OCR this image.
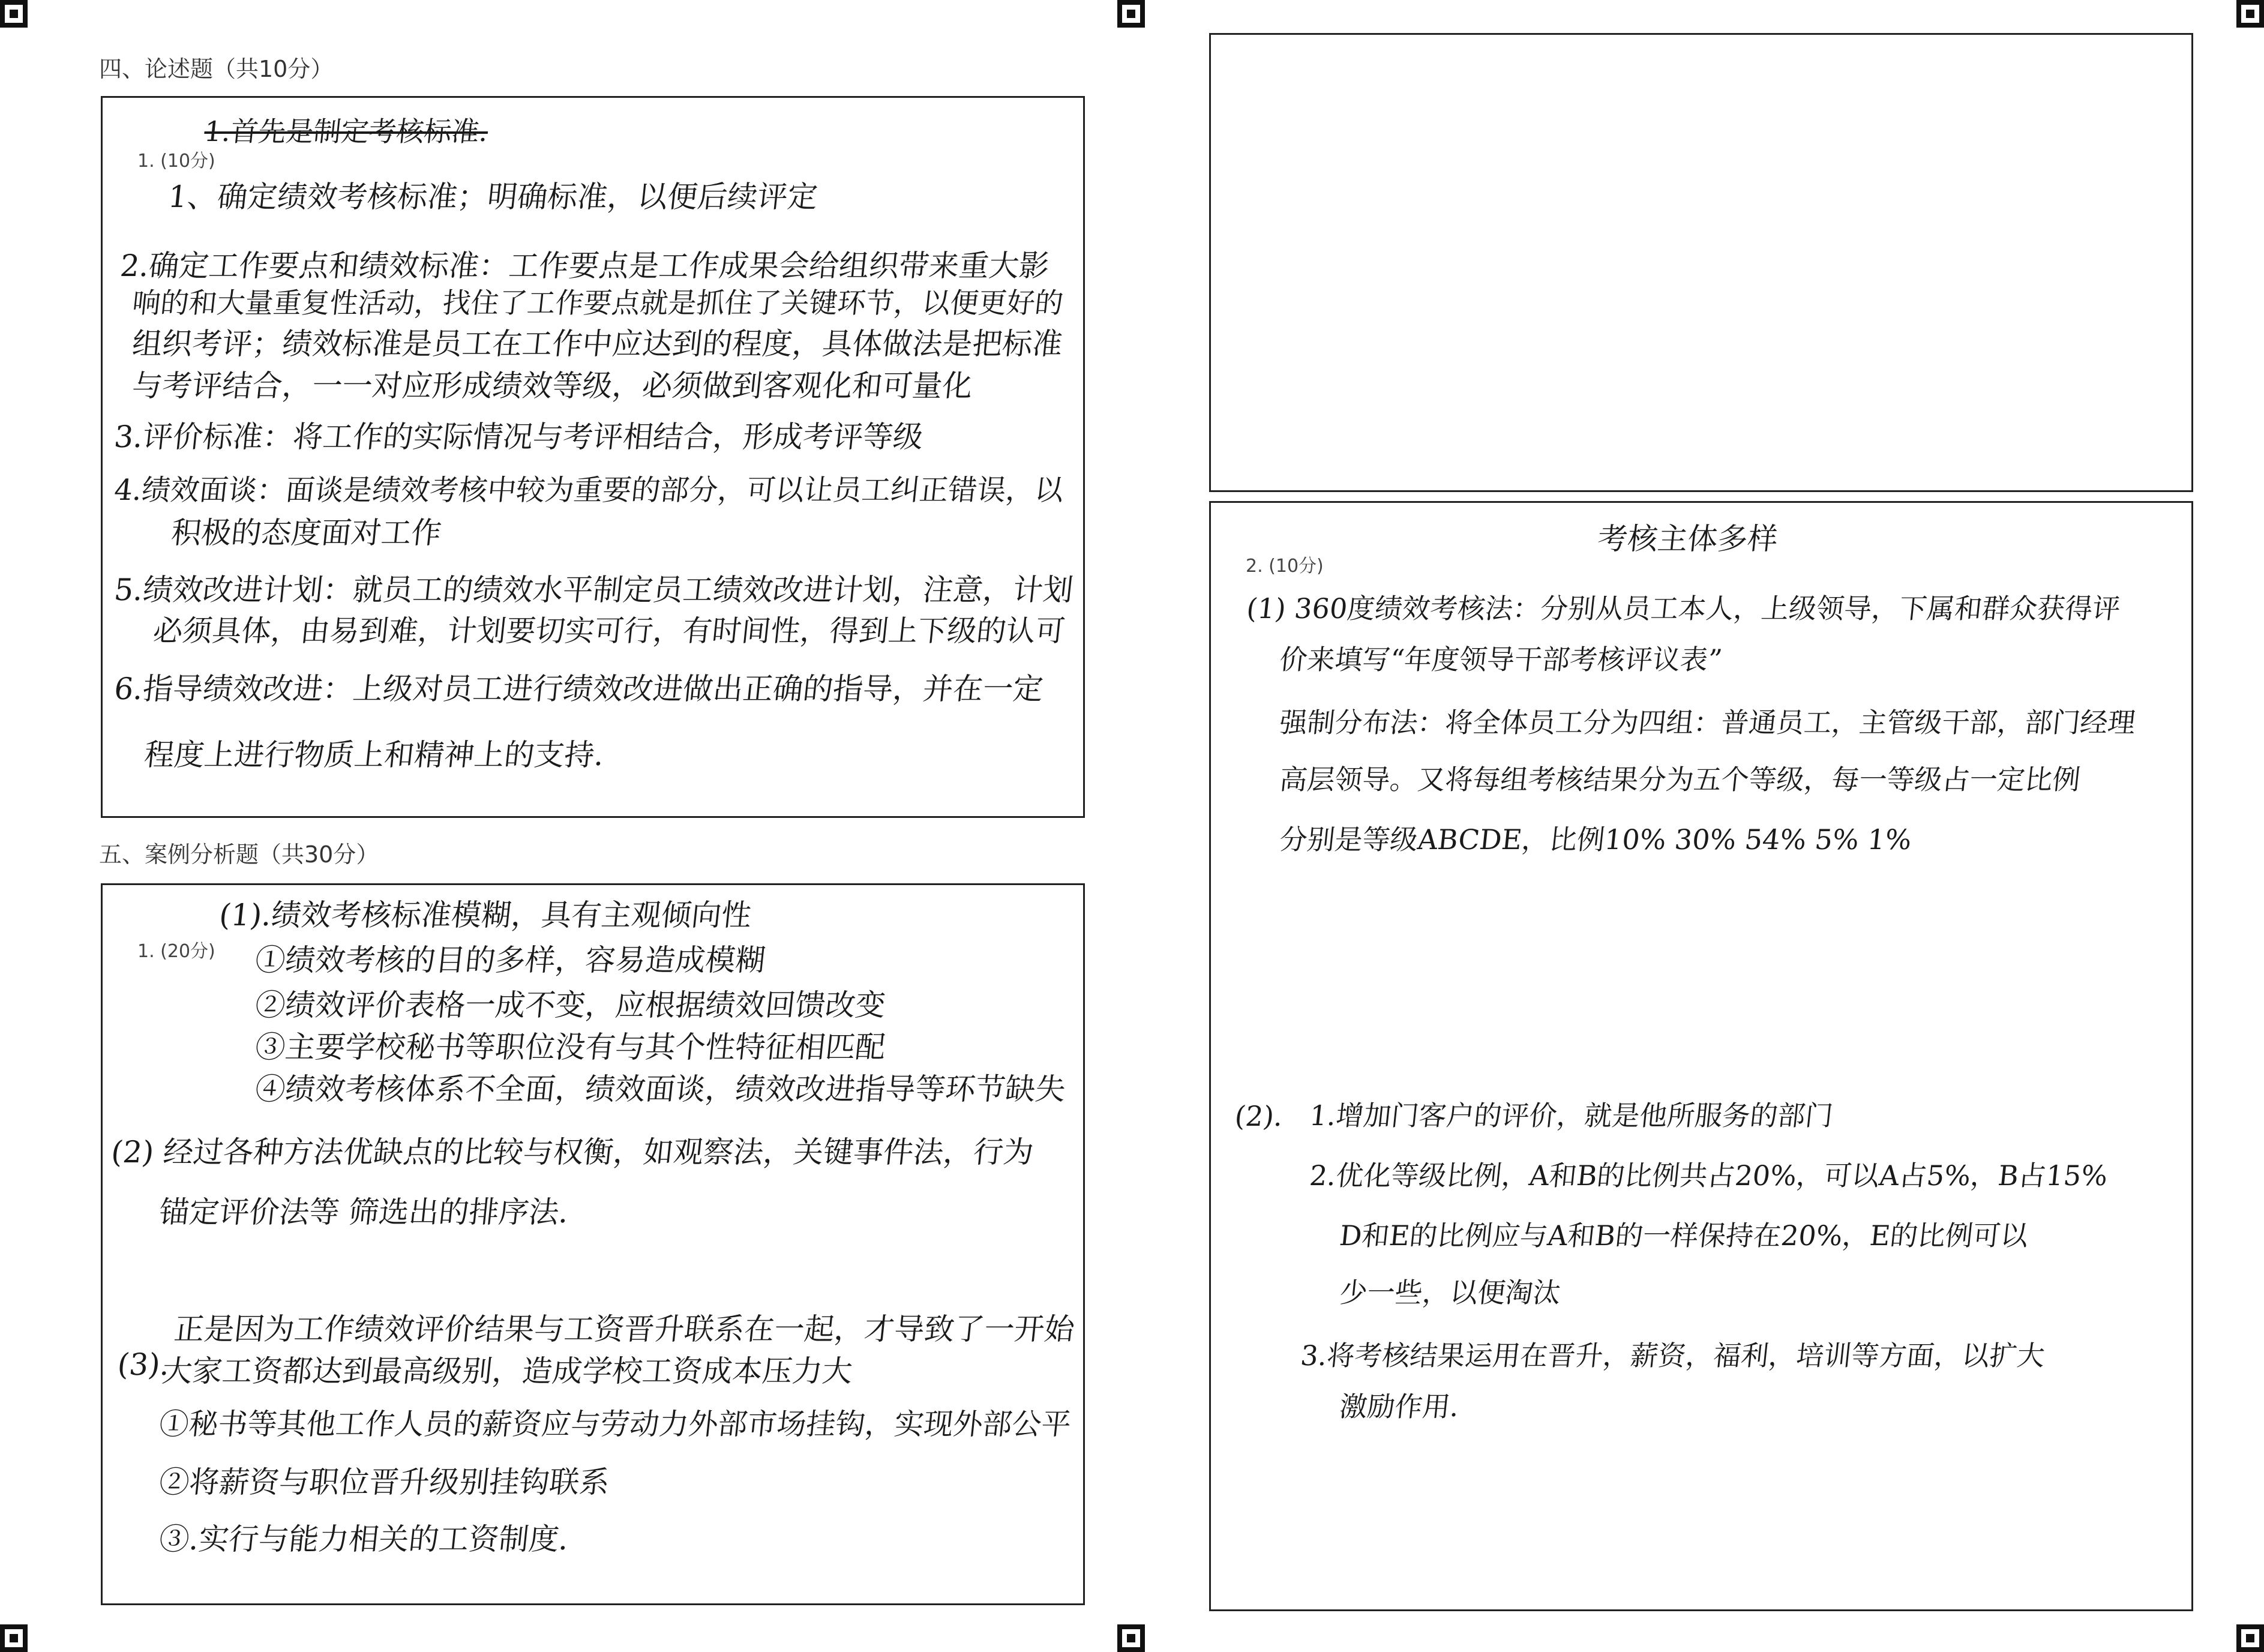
四、论述题（共10分）
1. (10分)
1.首先是制定考核标准.
1、确定绩效考核标准；明确标准，以便后续评定
2.确定工作要点和绩效标准：工作要点是工作成果会给组织带来重大影
响的和大量重复性活动，找住了工作要点就是抓住了关键环节，以便更好的
组织考评；绩效标准是员工在工作中应达到的程度，具体做法是把标准
与考评结合，一一对应形成绩效等级，必须做到客观化和可量化
3.评价标准：将工作的实际情况与考评相结合，形成考评等级
4.绩效面谈：面谈是绩效考核中较为重要的部分，可以让员工纠正错误，以
积极的态度面对工作
5.绩效改进计划：就员工的绩效水平制定员工绩效改进计划，注意，计划
必须具体，由易到难，计划要切实可行，有时间性，得到上下级的认可
6.指导绩效改进：上级对员工进行绩效改进做出正确的指导，并在一定
程度上进行物质上和精神上的支持.
五、案例分析题（共30分）
1. (20分)
(1).绩效考核标准模糊，具有主观倾向性
①绩效考核的目的多样，容易造成模糊
②绩效评价表格一成不变，应根据绩效回馈改变
③主要学校秘书等职位没有与其个性特征相匹配
④绩效考核体系不全面，绩效面谈，绩效改进指导等环节缺失
(2) 经过各种方法优缺点的比较与权衡，如观察法，关键事件法，行为
锚定评价法等 筛选出的排序法.
正是因为工作绩效评价结果与工资晋升联系在一起，才导致了一开始
(3).
大家工资都达到最高级别，造成学校工资成本压力大
①秘书等其他工作人员的薪资应与劳动力外部市场挂钩，实现外部公平
②将薪资与职位晋升级别挂钩联系
③.实行与能力相关的工资制度.
2. (10分)
考核主体多样
(1) 360度绩效考核法：分别从员工本人，上级领导，下属和群众获得评
价来填写“年度领导干部考核评议表”
强制分布法：将全体员工分为四组：普通员工，主管级干部，部门经理
高层领导。又将每组考核结果分为五个等级，每一等级占一定比例
分别是等级ABCDE，比例10% 30% 54% 5% 1%
(2). 1.增加门客户的评价，就是他所服务的部门
2.优化等级比例，A和B的比例共占20%，可以A占5%，B占15%
D和E的比例应与A和B的一样保持在20%，E的比例可以
少一些，以便淘汰
3.将考核结果运用在晋升，薪资，福利，培训等方面，以扩大
激励作用.
